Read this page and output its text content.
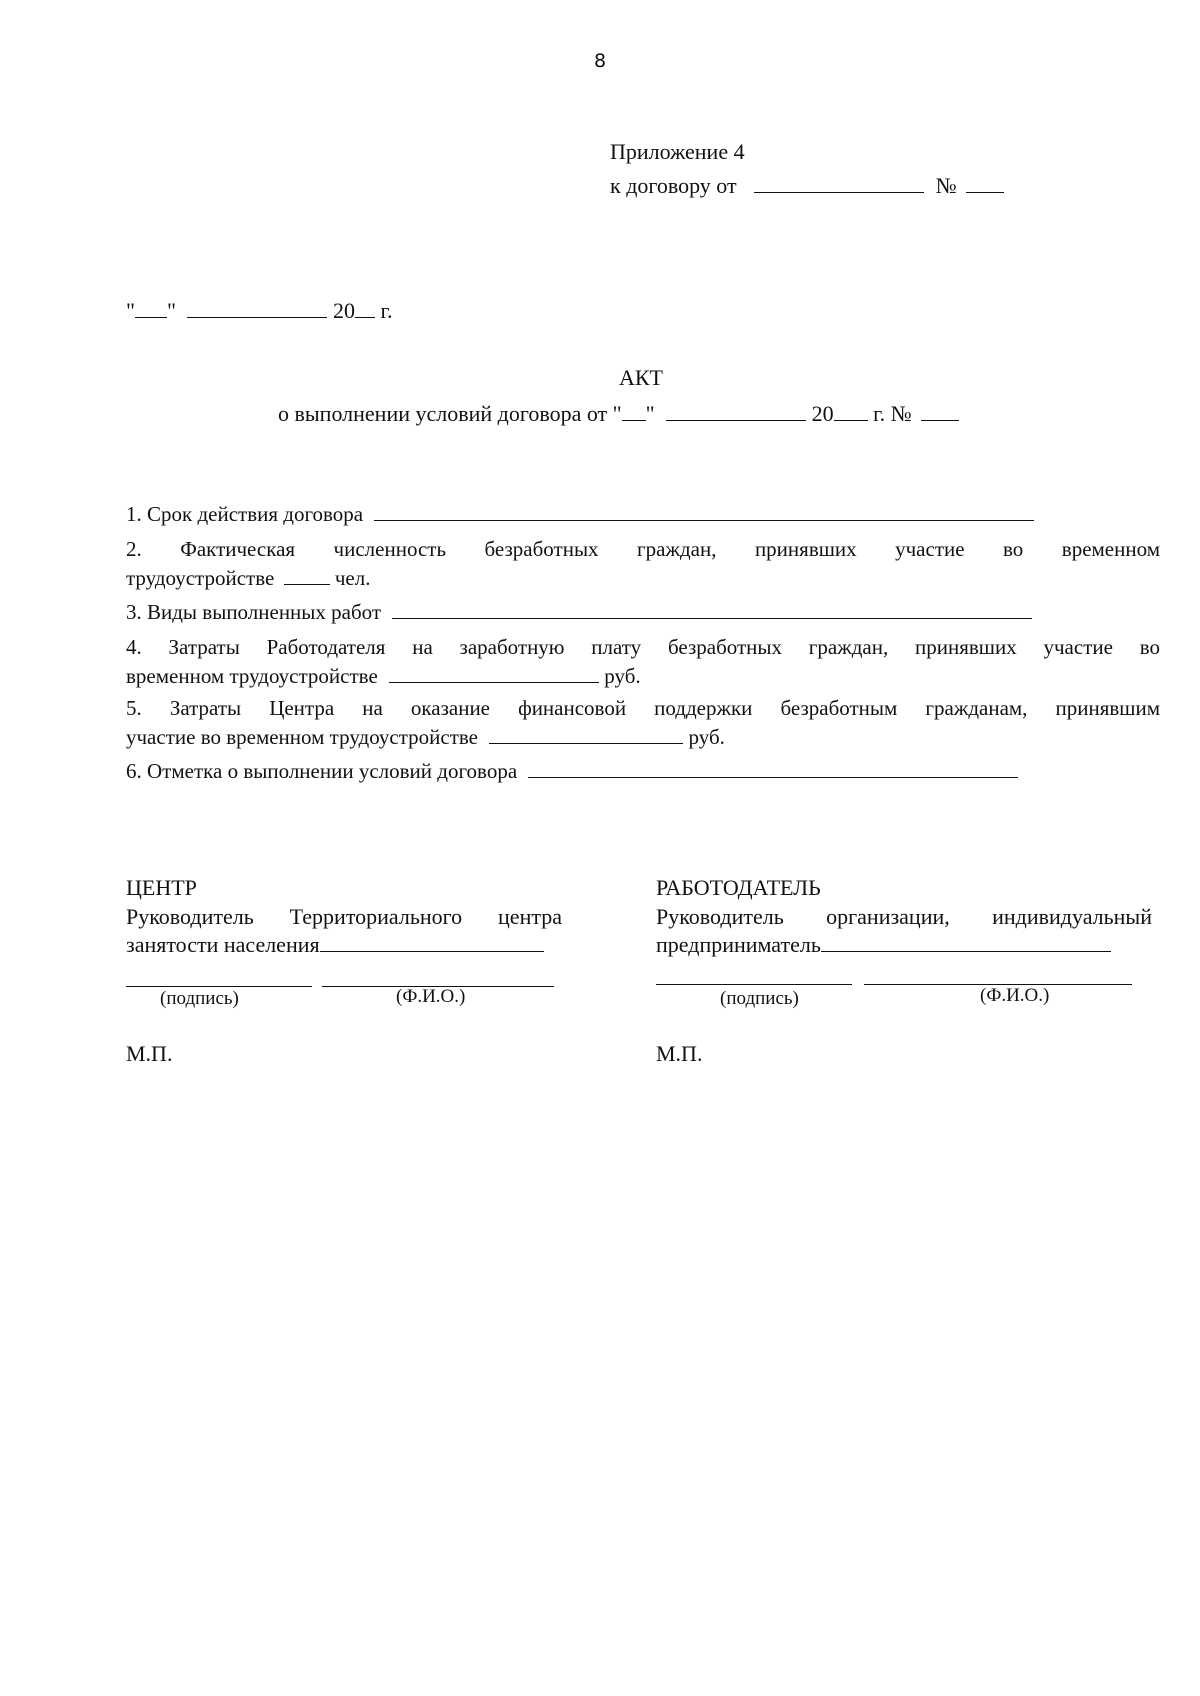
8
Приложение 4
к договору от	№
" "	20 г.
АКТ
о выполнении условий договора от " "	20 г. №
1. Срок действия договора
2. Фактическая численность безработных граждан, принявших участие во временном
трудоустройстве	чел.
3. Виды выполненных работ
4. Затраты Работодателя на заработную плату безработных граждан, принявших участие во
временном трудоустройстве	руб.
5. Затраты Центра на оказание финансовой поддержки безработным гражданам, принявшим
участие во временном трудоустройстве	руб.
6. Отметка о выполнении условий договора
ЦЕНТР
Руководитель Территориального центра
занятости населения
(подпись)	(Ф.И.О.)
М.П.
РАБОТОДАТЕЛЬ
Руководитель организации, индивидуальный
предприниматель
(подпись)	(Ф.И.О.)
М.П.
